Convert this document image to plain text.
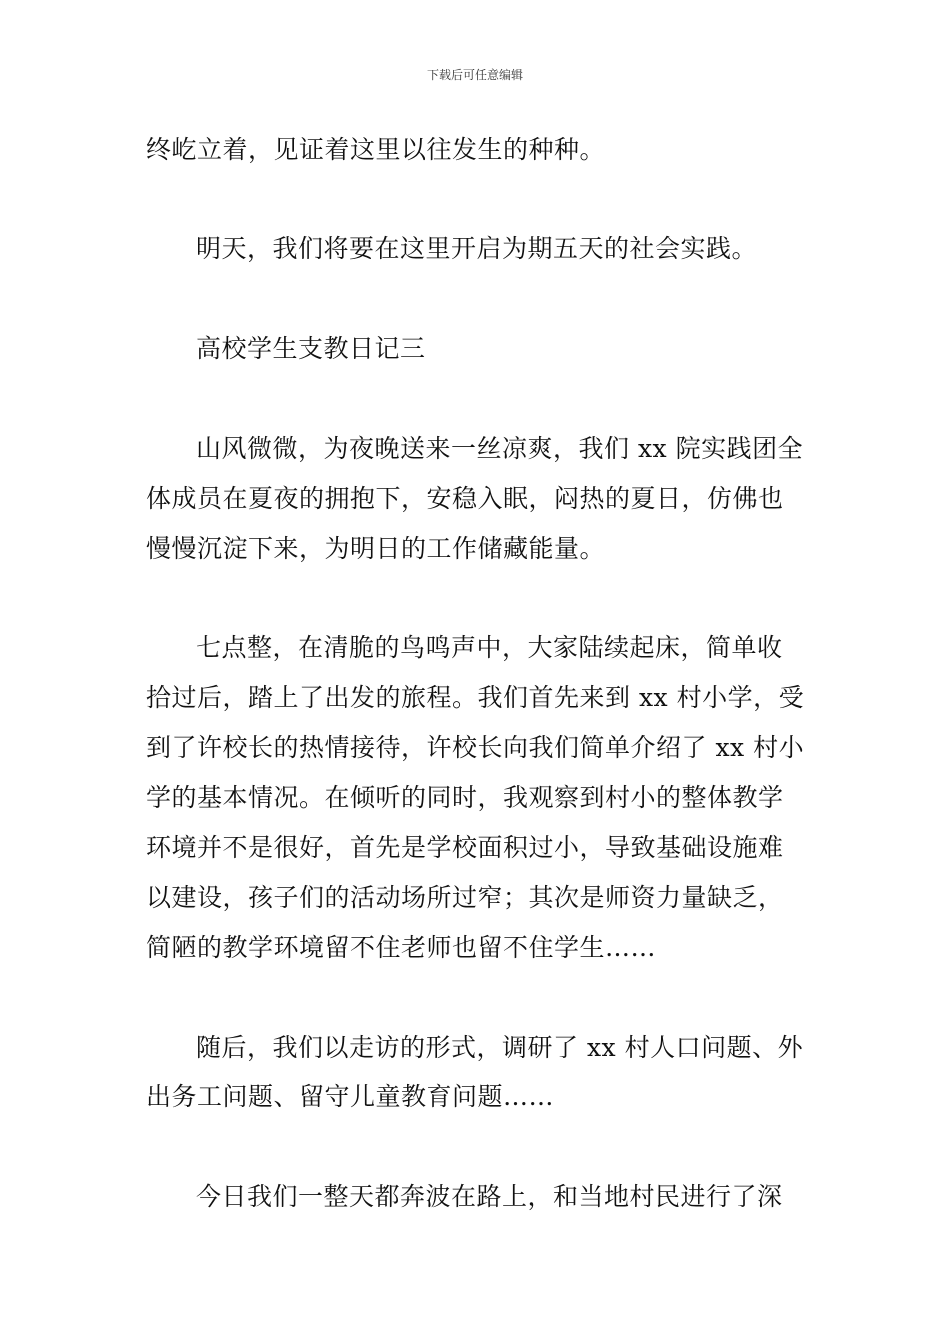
下载后可任意编辑
终屹立着，见证着这里以往发生的种种。
明天，我们将要在这里开启为期五天的社会实践。
高校学生支教日记三
山风微微，为夜晚送来一丝凉爽，我们 xx 院实践团全
体成员在夏夜的拥抱下，安稳入眠，闷热的夏日，仿佛也
慢慢沉淀下来，为明日的工作储藏能量。
七点整，在清脆的鸟鸣声中，大家陆续起床，简单收
拾过后，踏上了出发的旅程。我们首先来到 xx 村小学，受
到了许校长的热情接待，许校长向我们简单介绍了 xx 村小
学的基本情况。在倾听的同时，我观察到村小的整体教学
环境并不是很好，首先是学校面积过小，导致基础设施难
以建设，孩子们的活动场所过窄；其次是师资力量缺乏，
简陋的教学环境留不住老师也留不住学生……
随后，我们以走访的形式，调研了 xx 村人口问题、外
出务工问题、留守儿童教育问题……
今日我们一整天都奔波在路上，和当地村民进行了深
